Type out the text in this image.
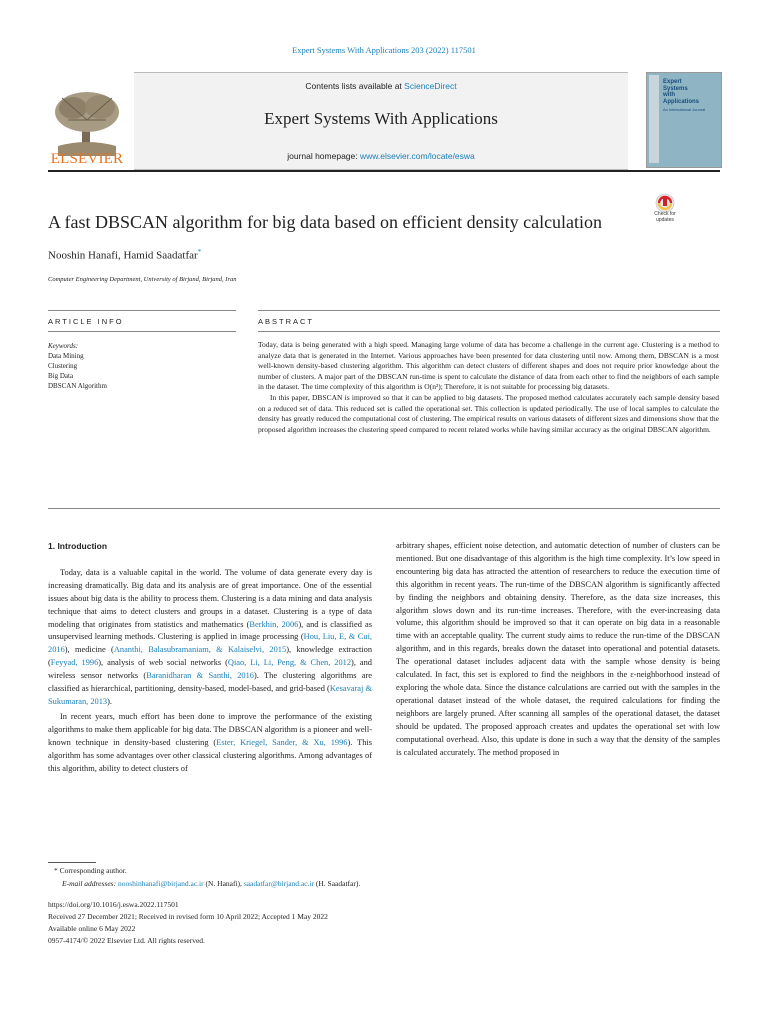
Expert Systems With Applications 203 (2022) 117501
ELSEVIER
Contents lists available at ScienceDirect
Expert Systems With Applications
journal homepage: www.elsevier.com/locate/eswa
Expert
Systems
with
Applications
An International Journal
A fast DBSCAN algorithm for big data based on efficient density calculation	Check for
updates
Nooshin Hanafi, Hamid Saadatfar*
Computer Engineering Department, University of Birjand, Birjand, Iran
ARTICLE INFO	ABSTRACT
Keywords:
Data Mining
Clustering
Big Data
DBSCAN Algorithm

Today, data is being generated with a high speed. Managing large volume of data has become a challenge in the current age. Clustering is a method to analyze data that is generated in the Internet. Various approaches have been presented for data clustering until now. Among them, DBSCAN is a most well-known density-based clustering algorithm. This algorithm can detect clusters of different shapes and does not require prior knowledge about the number of clusters. A major part of the DBSCAN run-time is spent to calculate the distance of data from each other to find the neighbors of each sample in the dataset. The time complexity of this algorithm is O(n²); Therefore, it is not suitable for processing big datasets.

In this paper, DBSCAN is improved so that it can be applied to big datasets. The proposed method calculates accurately each sample density based on a reduced set of data. This reduced set is called the operational set. This collection is updated periodically. The use of local samples to calculate the density has greatly reduced the computational cost of clustering. The empirical results on various datasets of different sizes and dimensions show that the proposed algorithm increases the clustering speed compared to recent related works while having similar accuracy as the original DBSCAN algorithm.

1. Introduction

Today, data is a valuable capital in the world. The volume of data generate every day is increasing dramatically. Big data and its analysis are of great importance. One of the essential issues about big data is the ability to process them. Clustering is a data mining and data analysis technique that aims to detect clusters and groups in a dataset. Clustering is a type of data modeling that originates from statistics and mathematics (Berkhin, 2006), and is classified as unsupervised learning methods. Clustering is applied in image processing (Hou, Liu, E, & Cui, 2016), medicine (Ananthi, Balasubramaniam, & Kalaiselvi, 2015), knowledge extraction (Feyyad, 1996), analysis of web social networks (Qiao, Li, Li, Peng, & Chen, 2012), and wireless sensor networks (Baranidharan & Santhi, 2016). The clustering algorithms are classified as hierarchical, partitioning, density-based, model-based, and grid-based (Kesavaraj & Sukumaran, 2013).

In recent years, much effort has been done to improve the performance of the existing algorithms to make them applicable for big data. The DBSCAN algorithm is a pioneer and well-known technique in density-based clustering (Ester, Kriegel, Sander, & Xu, 1996). This algorithm has some advantages over other classical clustering algorithms. Among advantages of this algorithm, ability to detect clusters of

arbitrary shapes, efficient noise detection, and automatic detection of number of clusters can be mentioned. But one disadvantage of this algorithm is the high time complexity. It’s low speed in encountering big data has attracted the attention of researchers to reduce the execution time of this algorithm in recent years. The run-time of the DBSCAN algorithm is significantly affected by finding the neighbors and obtaining density. Therefore, as the data size increases, this algorithm slows down and its run-time increases. Therefore, with the ever-increasing data volume, this algorithm should be improved so that it can operate on big data in a reasonable time with an acceptable quality. The current study aims to reduce the run-time of the DBSCAN algorithm, and in this regards, breaks down the dataset into operational and potential datasets. The operational dataset includes adjacent data with the sample whose density is being calculated. In fact, this set is explored to find the neighbors in the ε-neighborhood instead of exploring the whole data. Since the distance calculations are carried out with the samples in the operational dataset instead of the whole dataset, the required calculations for finding the neighbors are largely pruned. After scanning all samples of the operational dataset, the dataset should be updated. The proposed approach creates and updates the operational set with low computational overhead. Also, this update is done in such a way that the density of the samples is calculated accurately. The method proposed in

* Corresponding author.
E-mail addresses: nooshinhanafi@birjand.ac.ir (N. Hanafi), saadatfar@birjand.ac.ir (H. Saadatfar).
https://doi.org/10.1016/j.eswa.2022.117501
Received 27 December 2021; Received in revised form 10 April 2022; Accepted 1 May 2022
Available online 6 May 2022
0957-4174/© 2022 Elsevier Ltd. All rights reserved.
